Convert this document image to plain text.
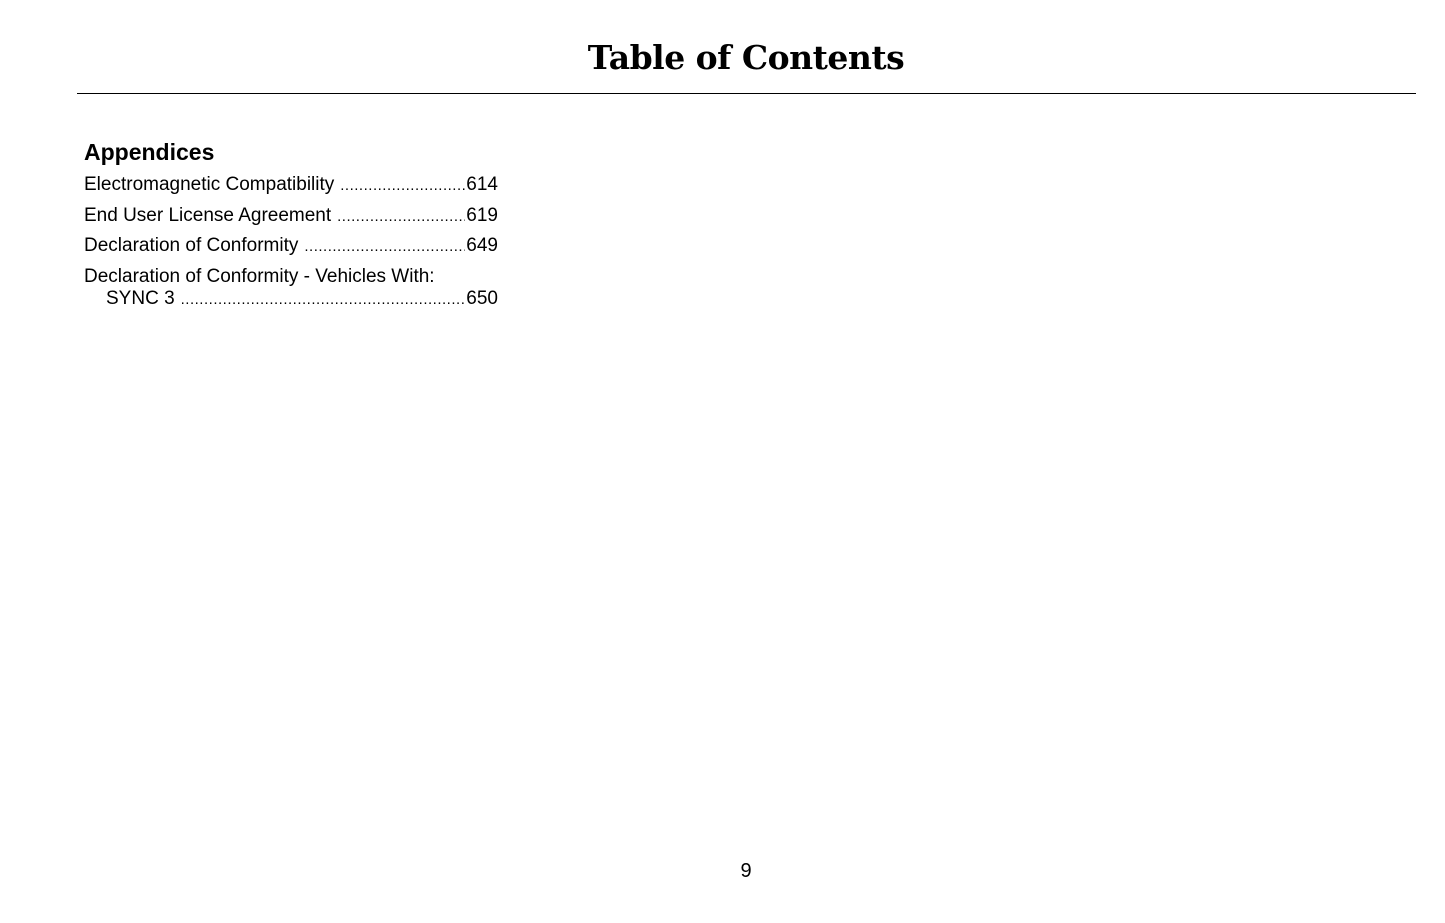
Table of Contents
Appendices
Electromagnetic Compatibility .....	614
End User License Agreement .....	619
Declaration of Conformity .....	649
Declaration of Conformity - Vehicles With:
SYNC 3 .....	650
9
